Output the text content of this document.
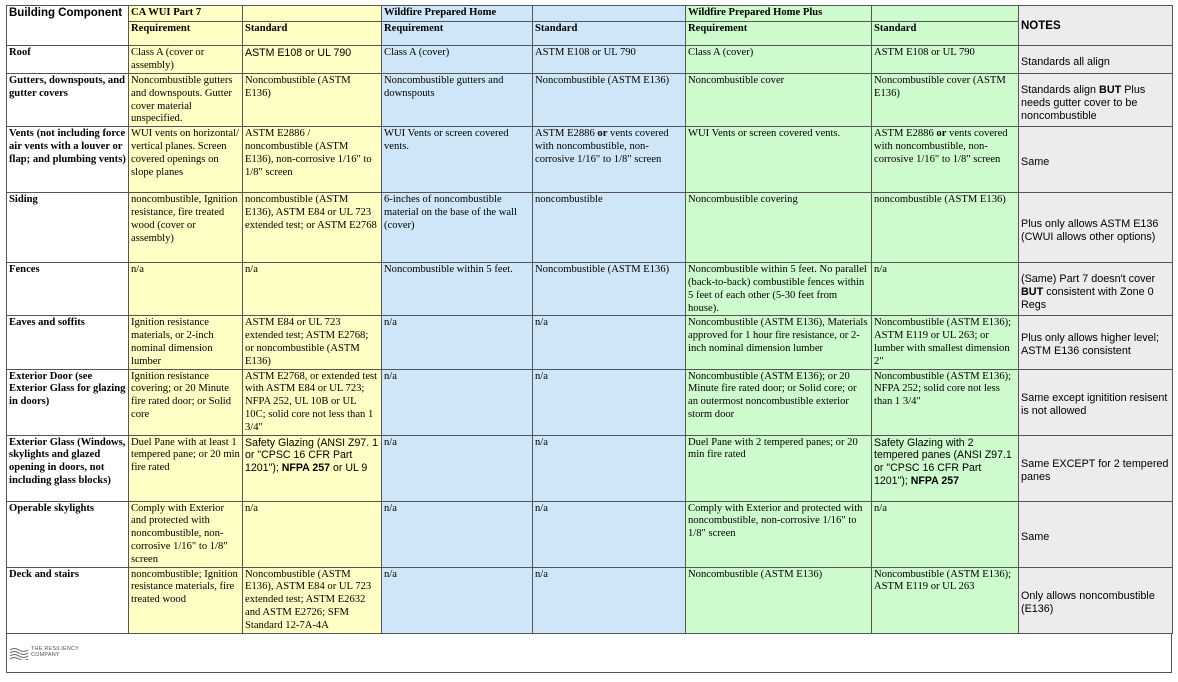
Building Component	CA WUI Part 7		Wildfire Prepared Home		Wildfire Prepared Home Plus		NOTES
	Requirement	Standard	Requirement	Standard	Requirement	Standard	
Roof	Class A (cover or assembly)	ASTM E108 or UL 790	Class A (cover)	ASTM E108 or UL 790	Class A (cover)	ASTM E108 or UL 790	Standards all align
Gutters, downspouts, and gutter covers	Noncombustible gutters and downspouts. Gutter cover material unspecified.	Noncombustible (ASTM E136)	Noncombustible gutters and downspouts	Noncombustible (ASTM E136)	Noncombustible cover	Noncombustible cover (ASTM E136)	Standards align BUT Plus needs gutter cover to be noncombustible
Vents (not including force air vents with a louver or flap; and plumbing vents)	WUI vents on horizontal/ vertical planes. Screen covered openings on slope planes	ASTM E2886 / noncombustible (ASTM E136), non-corrosive 1/16" to 1/8" screen	WUI Vents or screen covered vents.	ASTM E2886 or vents covered with noncombustible, non-corrosive 1/16" to 1/8" screen	WUI Vents or screen covered vents.	ASTM E2886 or vents covered with noncombustible, non-corrosive 1/16" to 1/8" screen	Same
Siding	noncombustible, Ignition resistance, fire treated wood (cover or assembly)	noncombustible (ASTM E136), ASTM E84 or UL 723 extended test; or ASTM E2768	6-inches of noncombustible material on the base of the wall (cover)	noncombustible	Noncombustible covering	noncombustible (ASTM E136)	Plus only allows ASTM E136 (CWUI allows other options)
Fences	n/a	n/a	Noncombustible within 5 feet.	Noncombustible (ASTM E136)	Noncombustible within 5 feet. No parallel (back-to-back) combustible fences within 5 feet of each other (5-30 feet from house).	n/a	(Same) Part 7 doesn't cover BUT consistent with Zone 0 Regs
Eaves and soffits	Ignition resistance materials, or 2-inch nominal dimension lumber	ASTM E84 or UL 723 extended test; ASTM E2768; or noncombustible (ASTM E136)	n/a	n/a	Noncombustible (ASTM E136), Materials approved for 1 hour fire resistance, or 2-inch nominal dimension lumber	Noncombustible (ASTM E136); ASTM E119 or UL 263; or lumber with smallest dimension 2"	Plus only allows higher level; ASTM E136 consistent
Exterior Door (see Exterior Glass for glazing in doors)	Ignition resistance covering; or 20 Minute fire rated door; or Solid core	ASTM E2768, or extended test with ASTM E84 or UL 723; NFPA 252, UL 10B or UL 10C; solid core not less than 1 3/4"	n/a	n/a	Noncombustible (ASTM E136); or 20 Minute fire rated door; or Solid core; or an outermost noncombustible exterior storm door	Noncombustible (ASTM E136); NFPA 252; solid core not less than 1 3/4"	Same except ignitition resisent is not allowed
Exterior Glass (Windows, skylights and glazed opening in doors, not including glass blocks)	Duel Pane with at least 1 tempered pane; or 20 min fire rated	Safety Glazing (ANSI Z97. 1 or "CPSC 16 CFR Part 1201"); NFPA 257 or UL 9	n/a	n/a	Duel Pane with 2 tempered panes; or 20 min fire rated	Safety Glazing with 2 tempered panes (ANSI Z97.1 or "CPSC 16 CFR Part 1201"); NFPA 257	Same EXCEPT for 2 tempered panes
Operable skylights	Comply with Exterior and protected with noncombustible, non-corrosive 1/16" to 1/8" screen	n/a	n/a	n/a	Comply with Exterior and protected with noncombustible, non-corrosive 1/16" to 1/8" screen	n/a	Same
Deck and stairs	noncombustible; Ignition resistance materials, fire treated wood	Noncombustible (ASTM E136), ASTM E84 or UL 723 extended test; ASTM E2632 and ASTM E2726; SFM Standard 12-7A-4A	n/a	n/a	Noncombustible (ASTM E136)	Noncombustible (ASTM E136); ASTM E119 or UL 263	Only allows noncombustible (E136)
THE RESILIENCY
COMPANY
